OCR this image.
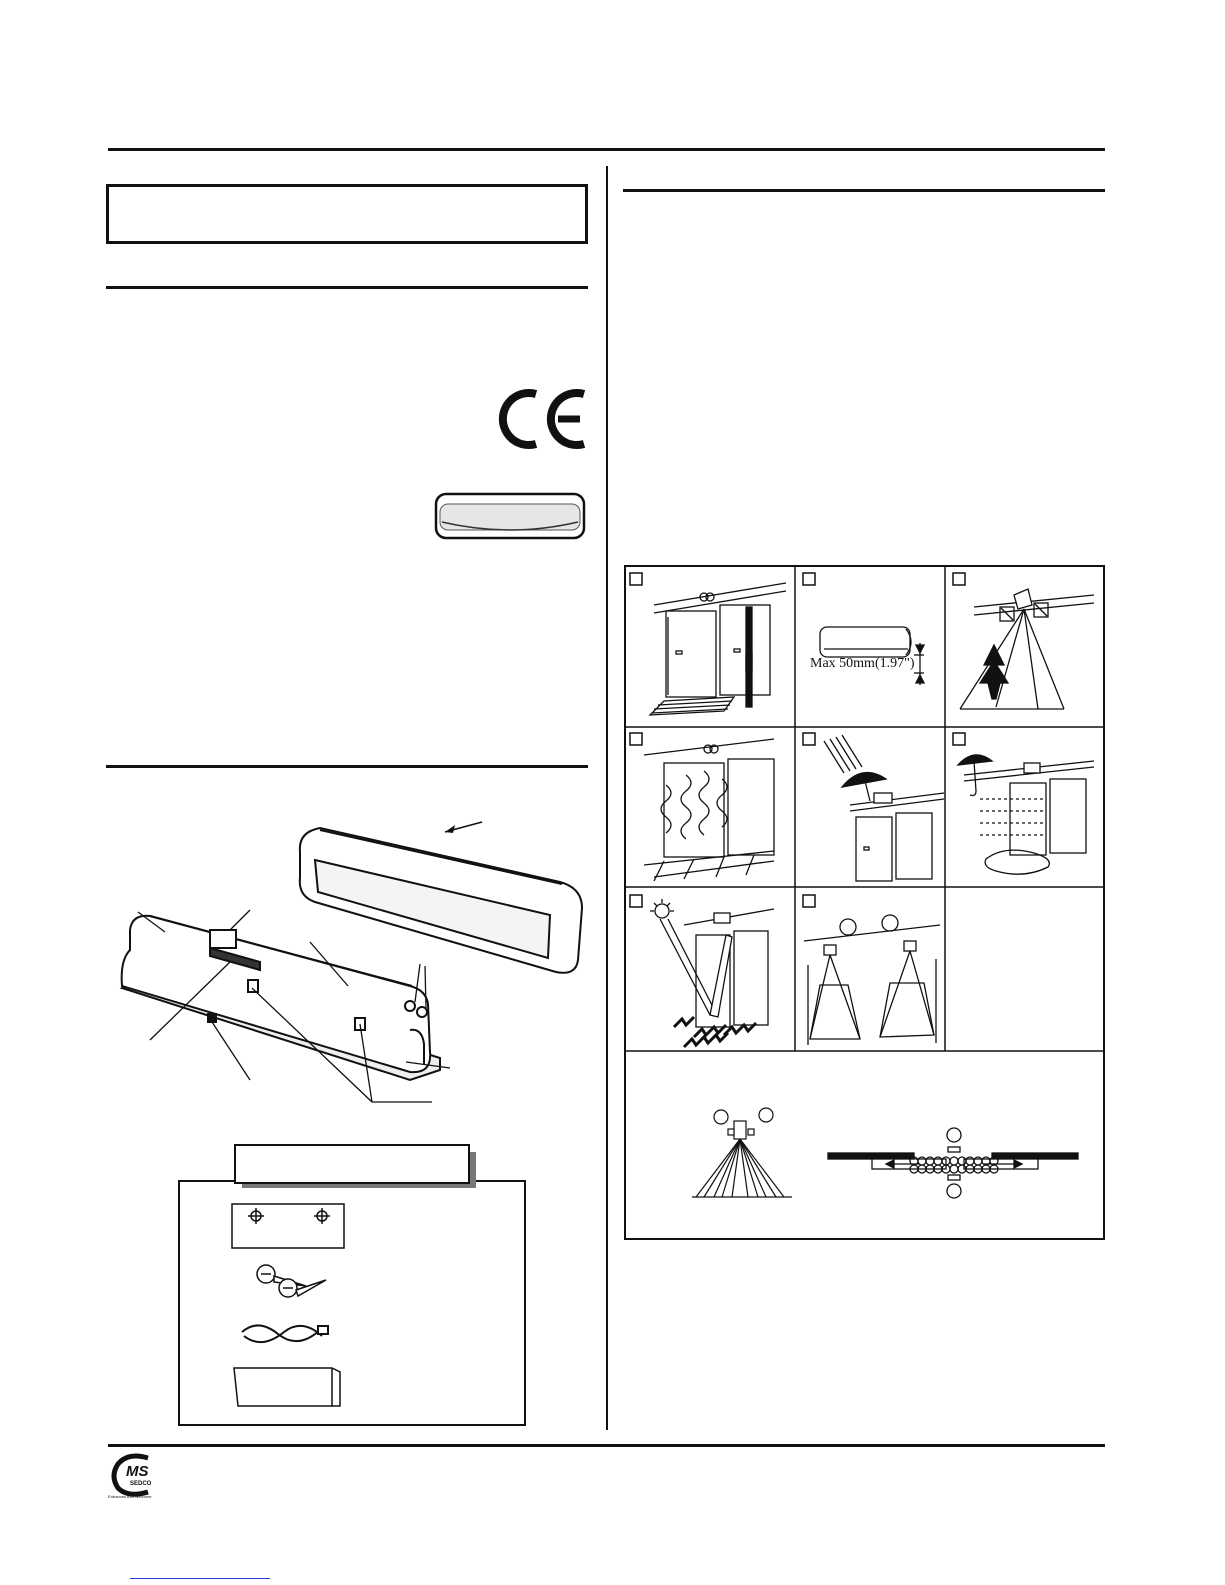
Max 50mm(1.97")
MS
SEDCO
Entrances that Welcome
